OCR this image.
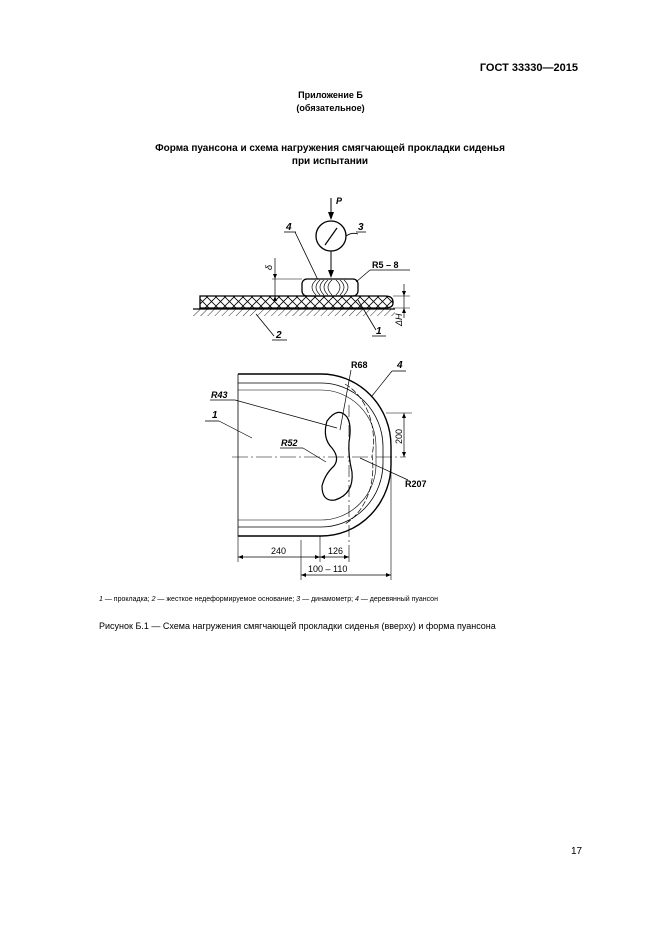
ГОСТ 33330—2015
Приложение Б
(обязательное)
Форма пуансона и схема нагружения смягчающей прокладки сиденья
при испытании
P
3
4
δ	R5 – 8
ΔH
1
2
R68
R43
R52
R207
1
4
200
240	126
100 – 110
1 — прокладка; 2 — жесткое недеформируемое основание; 3 — динамометр; 4 — деревянный пуансон
Рисунок Б.1 — Схема нагружения смягчающей прокладки сиденья (вверху) и форма пуансона
17
